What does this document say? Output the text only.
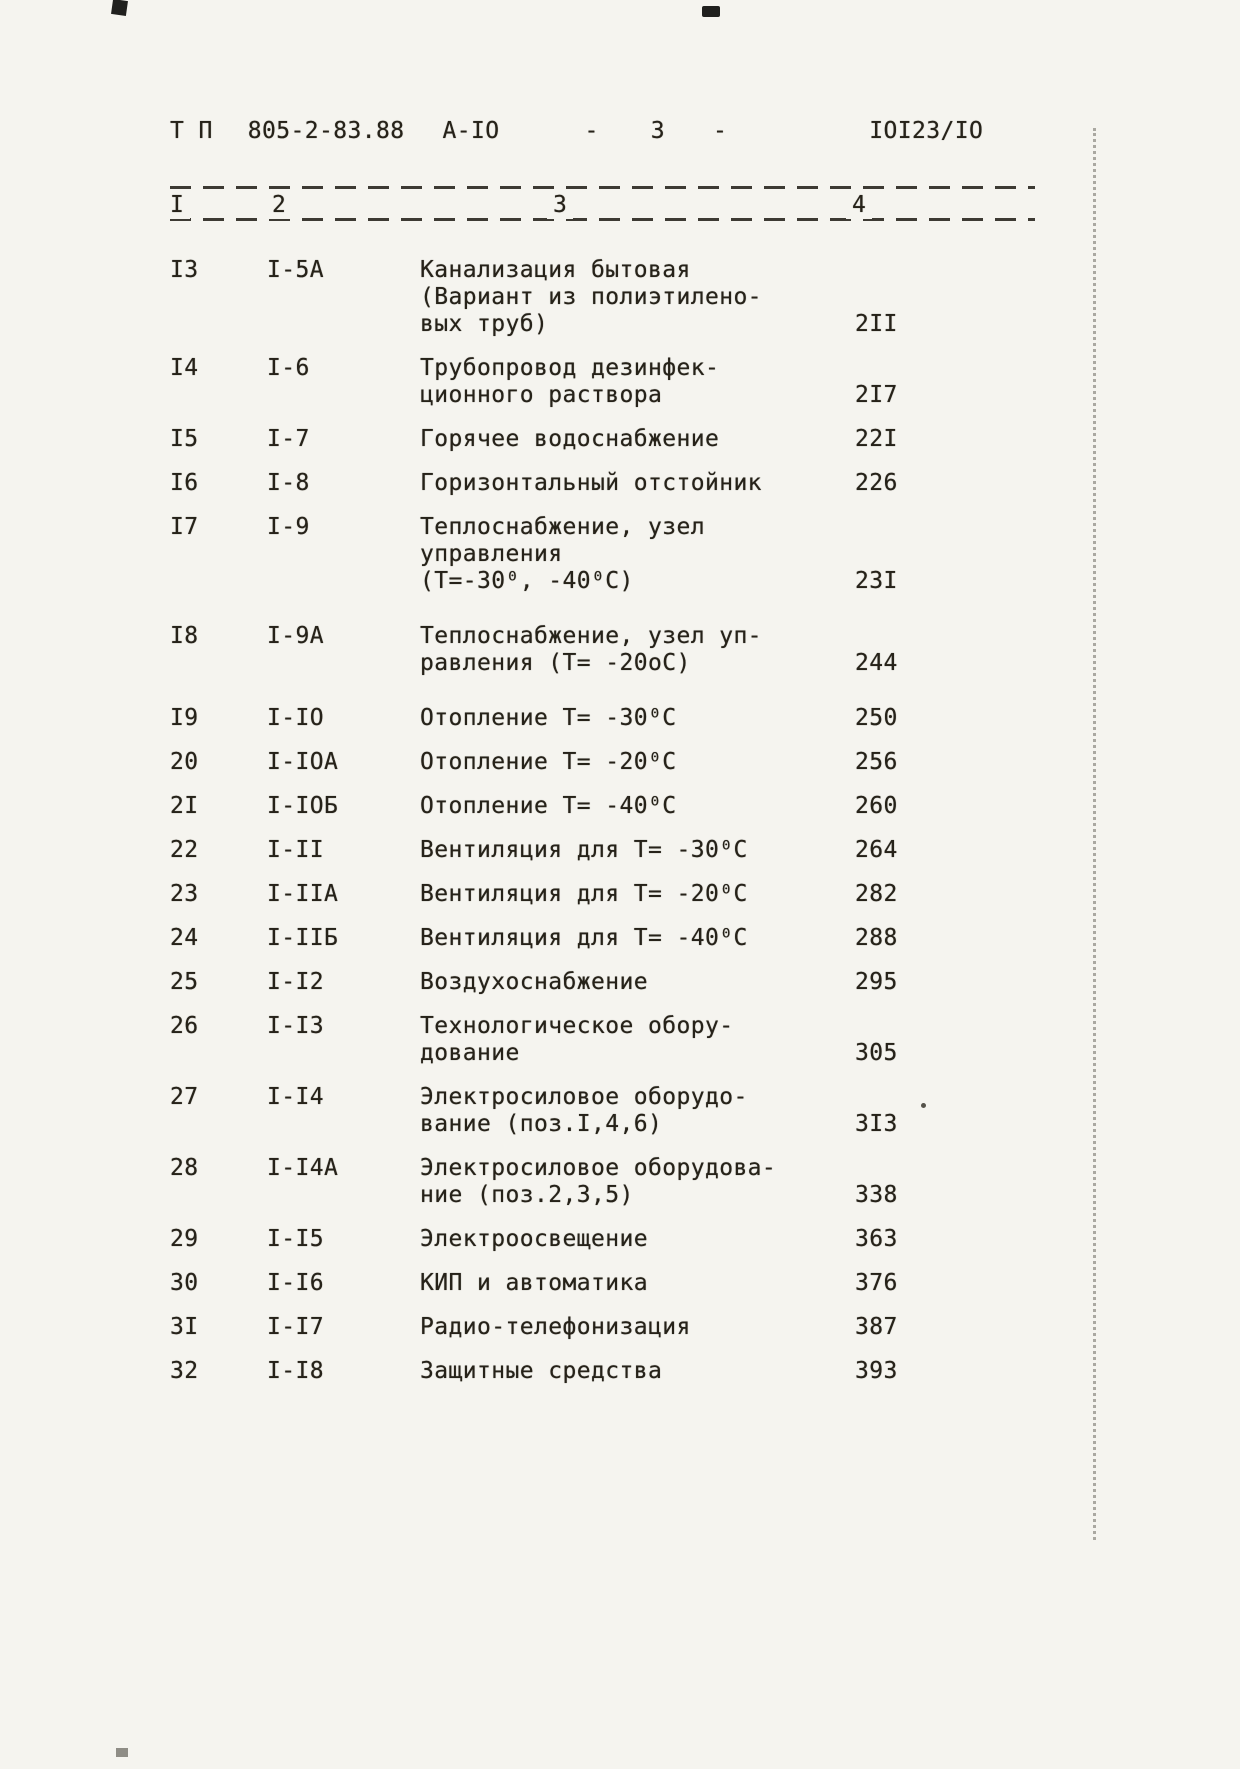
Т П 805-2-83.88 А-IO	- 3 -	IOI23/IO
I	2	3	4
I3	I-5А	Канализация бытовая
(Вариант из полиэтилено-
вых труб)	2II
I4	I-6	Трубопровод дезинфек-
ционного раствора	2I7
I5	I-7	Горячее водоснабжение	22I
I6	I-8	Горизонтальный отстойник	226
I7	I-9	Теплоснабжение, узел
управления
(Т=-30⁰, -40⁰С)	23I
I8	I-9А	Теплоснабжение, узел уп-
равления (Т= -20оС)	244
I9	I-IO	Отопление Т= -30⁰С	250
20	I-IOА	Отопление Т= -20⁰С	256
2I	I-IOБ	Отопление Т= -40⁰С	260
22	I-II	Вентиляция для Т= -30⁰С	264
23	I-IIА	Вентиляция для Т= -20⁰С	282
24	I-IIБ	Вентиляция для Т= -40⁰С	288
25	I-I2	Воздухоснабжение	295
26	I-I3	Технологическое обору-
дование	305
27	I-I4	Электросиловое оборудо-
вание (поз.I,4,6)	3I3
28	I-I4А	Электросиловое оборудова-
ние (поз.2,3,5)	338
29	I-I5	Электроосвещение	363
30	I-I6	КИП и автоматика	376
3I	I-I7	Радио-телефонизация	387
32	I-I8	Защитные средства	393
